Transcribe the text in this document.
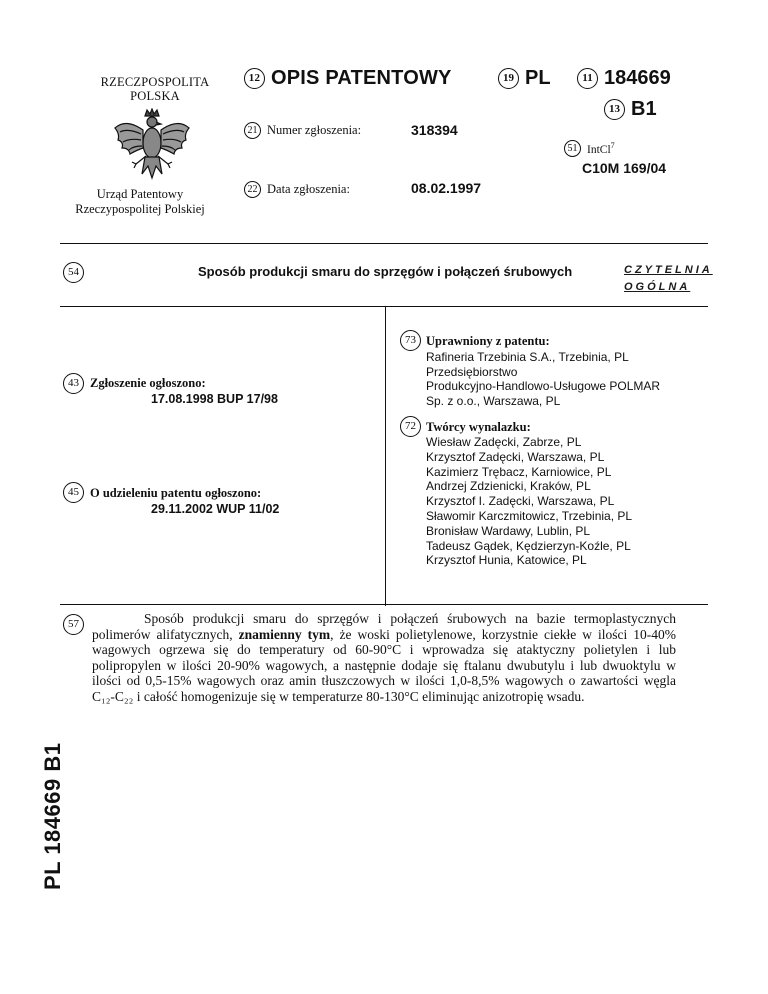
RZECZPOSPOLITA
POLSKA
Urząd Patentowy
Rzeczypospolitej Polskiej
12 OPIS PATENTOWY	19 PL	11 184669
13 B1
21 Numer zgłoszenia:	318394
22 Data zgłoszenia:	08.02.1997
51 IntCl$^7$
C10M 169/04
54	Sposób produkcji smaru do sprzęgów i połączeń śrubowych	CZYTELNIA
OGÓLNA
43 Zgłoszenie ogłoszono:
17.08.1998 BUP 17/98
45 O udzieleniu patentu ogłoszono:
29.11.2002 WUP 11/02
73 Uprawniony z patentu:
Rafineria Trzebinia S.A., Trzebinia, PL
Przedsiębiorstwo
Produkcyjno-Handlowo-Usługowe POLMAR
Sp. z o.o., Warszawa, PL
72 Twórcy wynalazku:
Wiesław Zadęcki, Zabrze, PL
Krzysztof Zadęcki, Warszawa, PL
Kazimierz Trębacz, Karniowice, PL
Andrzej Zdzienicki, Kraków, PL
Krzysztof I. Zadęcki, Warszawa, PL
Sławomir Karczmitowicz, Trzebinia, PL
Bronisław Wardawy, Lublin, PL
Tadeusz Gądek, Kędzierzyn-Koźle, PL
Krzysztof Hunia, Katowice, PL
57	Sposób produkcji smaru do sprzęgów i połączeń śrubowych na bazie termoplastycznych polimerów alifatycznych, znamienny tym, że woski polietylenowe, korzystnie ciekłe w ilości 10-40% wagowych ogrzewa się do temperatury od 60-90°C i wprowadza się ataktyczny polietylen i lub polipropylen w ilości 20-90% wagowych, a następnie dodaje się ftalanu dwubutylu i lub dwuoktylu w ilości od 0,5-15% wagowych oraz amin tłuszczowych w ilości 1,0-8,5% wagowych o zawartości węgla C₁₂-C₂₂ i całość homogenizuje się w temperaturze 80-130°C eliminując anizotropię wsadu.
PL 184669 B1
